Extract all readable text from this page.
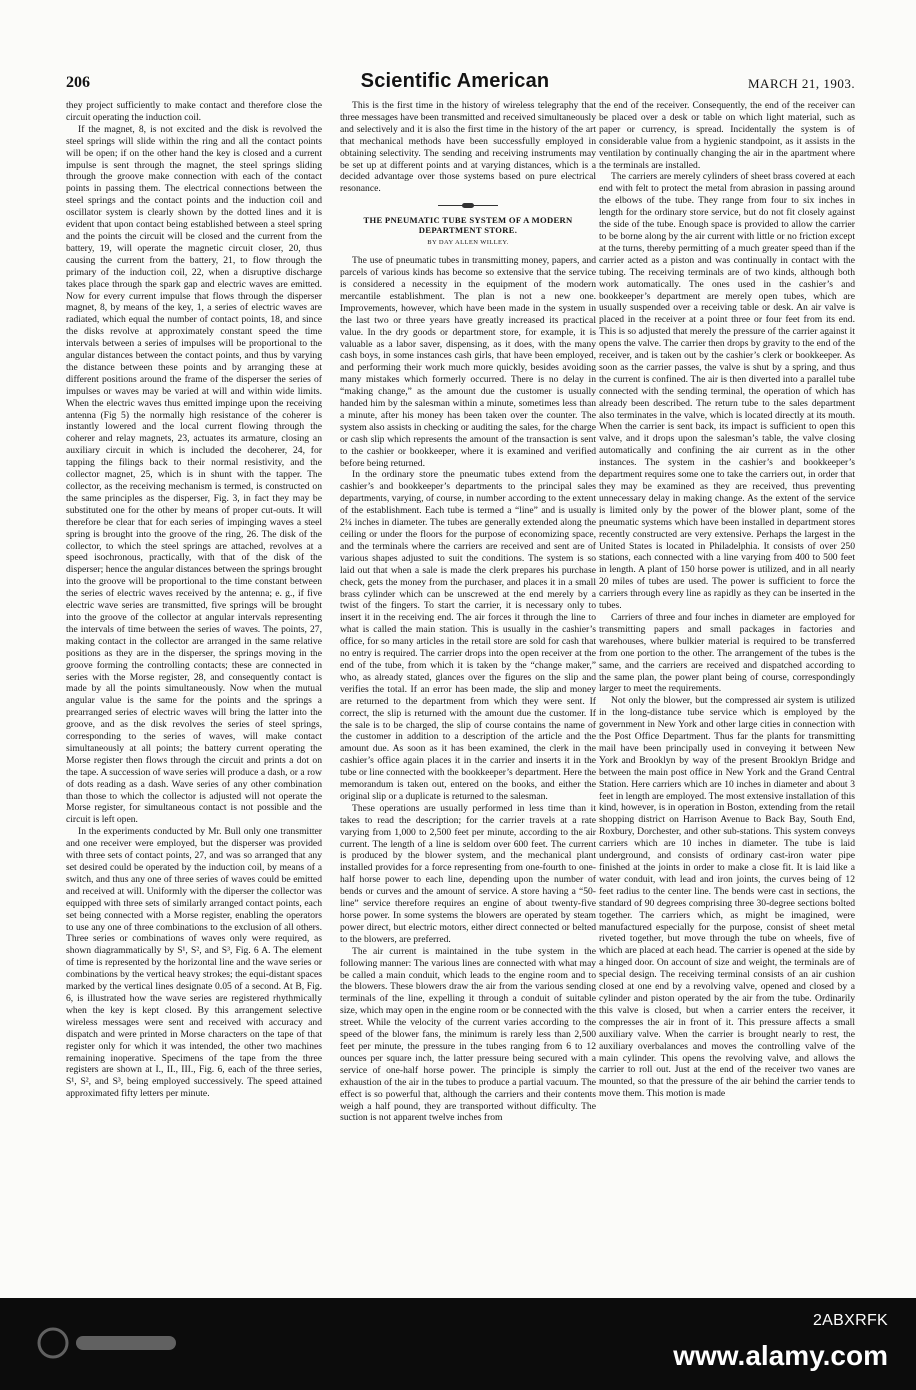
206	Scientific American	MARCH 21, 1903.

they project sufficiently to make contact and therefore close the circuit operating the induction coil.

If the magnet, 8, is not excited and the disk is revolved the steel springs will slide within the ring and all the contact points will be open; if on the other hand the key is closed and a current impulse is sent through the magnet, the steel springs sliding through the groove make connection with each of the contact points in passing them. The electrical connections between the steel springs and the contact points and the induction coil and oscillator system is clearly shown by the dotted lines and it is evident that upon contact being established between a steel spring and the points the circuit will be closed and the current from the battery, 19, will operate the magnetic circuit closer, 20, thus causing the current from the battery, 21, to flow through the primary of the induction coil, 22, when a disruptive discharge takes place through the spark gap and electric waves are emitted. Now for every current impulse that flows through the disperser magnet, 8, by means of the key, 1, a series of electric waves are radiated, which equal the number of contact points, 18, and since the disks revolve at approximately constant speed the time intervals between a series of impulses will be proportional to the angular distances between the contact points, and thus by varying the distance between these points and by arranging these at different positions around the frame of the disperser the series of impulses or waves may be varied at will and within wide limits. When the electric waves thus emitted impinge upon the receiving antenna (Fig 5) the normally high resistance of the coherer is instantly lowered and the local current flowing through the coherer and relay magnets, 23, actuates its armature, closing an auxiliary circuit in which is included the decoherer, 24, for tapping the filings back to their normal resistivity, and the collector magnet, 25, which is in shunt with the tapper. The collector, as the receiving mechanism is termed, is constructed on the same principles as the disperser, Fig. 3, in fact they may be substituted one for the other by means of proper cut-outs. It will therefore be clear that for each series of impinging waves a steel spring is brought into the groove of the ring, 26. The disk of the collector, to which the steel springs are attached, revolves at a speed isochronous, practically, with that of the disk of the disperser; hence the angular distances between the springs brought into the groove will be proportional to the time constant between the series of electric waves received by the antenna; e. g., if five electric wave series are transmitted, five springs will be brought into the groove of the collector at angular intervals representing the intervals of time between the series of waves. The points, 27, making contact in the collector are arranged in the same relative positions as they are in the disperser, the springs moving in the groove forming the controlling contacts; these are connected in series with the Morse register, 28, and consequently contact is made by all the points simultaneously. Now when the mutual angular value is the same for the points and the springs a prearranged series of electric waves will bring the latter into the groove, and as the disk revolves the series of steel springs, corresponding to the series of waves, will make contact simultaneously at all points; the battery current operating the Morse register then flows through the circuit and prints a dot on the tape. A succession of wave series will produce a dash, or a row of dots reading as a dash. Wave series of any other combination than those to which the collector is adjusted will not operate the Morse register, for simultaneous contact is not possible and the circuit is left open.

In the experiments conducted by Mr. Bull only one transmitter and one receiver were employed, but the disperser was provided with three sets of contact points, 27, and was so arranged that any set desired could be operated by the induction coil, by means of a switch, and thus any one of three series of waves could be emitted and received at will. Uniformly with the diperser the collector was equipped with three sets of similarly arranged contact points, each set being connected with a Morse register, enabling the operators to use any one of three combinations to the exclusion of all others. Three series or combinations of waves only were required, as shown diagrammatically by S¹, S², and S³, Fig. 6 A. The element of time is represented by the horizontal line and the wave series or combinations by the vertical heavy strokes; the equi-distant spaces marked by the vertical lines designate 0.05 of a second. At B, Fig. 6, is illustrated how the wave series are registered rhythmically when the key is kept closed. By this arrangement selective wireless messages were sent and received with accuracy and dispatch and were printed in Morse characters on the tape of that register only for which it was intended, the other two machines remaining inoperative. Specimens of the tape from the three registers are shown at I., II., III., Fig. 6, each of the three series, S¹, S², and S³, being employed successively. The speed attained approximated fifty letters per minute.

This is the first time in the history of wireless telegraphy that three messages have been transmitted and received simultaneously and selectively and it is also the first time in the history of the art that mechanical methods have been successfully employed in obtaining selectivity. The sending and receiving instruments may be set up at different points and at varying distances, which is a decided advantage over those systems based on pure electrical resonance.

THE PNEUMATIC TUBE SYSTEM OF A MODERN DEPARTMENT STORE.
BY DAY ALLEN WILLEY.

The use of pneumatic tubes in transmitting money, papers, and parcels of various kinds has become so extensive that the service is considered a necessity in the equipment of the modern mercantile establishment. The plan is not a new one. Improvements, however, which have been made in the system in the last two or three years have greatly increased its practical value. In the dry goods or department store, for example, it is valuable as a labor saver, dispensing, as it does, with the many cash boys, in some instances cash girls, that have been employed, and performing their work much more quickly, besides avoiding many mistakes which formerly occurred. There is no delay in “making change,” as the amount due the customer is usually handed him by the salesman within a minute, sometimes less than a minute, after his money has been taken over the counter. The system also assists in checking or auditing the sales, for the charge or cash slip which represents the amount of the transaction is sent to the cashier or bookkeeper, where it is examined and verified before being returned.

In the ordinary store the pneumatic tubes extend from the cashier’s and bookkeeper’s departments to the principal sales departments, varying, of course, in number according to the extent of the establishment. Each tube is termed a “line” and is usually 2¼ inches in diameter. The tubes are generally extended along the ceiling or under the floors for the purpose of economizing space, and the terminals where the carriers are received and sent are of various shapes adjusted to suit the conditions. The system is so laid out that when a sale is made the clerk prepares his purchase check, gets the money from the purchaser, and places it in a small brass cylinder which can be unscrewed at the end merely by a twist of the fingers. To start the carrier, it is necessary only to insert it in the receiving end. The air forces it through the line to what is called the main station. This is usually in the cashier’s office, for so many articles in the retail store are sold for cash that no entry is required. The carrier drops into the open receiver at the end of the tube, from which it is taken by the “change maker,” who, as already stated, glances over the figures on the slip and verifies the total. If an error has been made, the slip and money are returned to the department from which they were sent. If correct, the slip is returned with the amount due the customer. If the sale is to be charged, the slip of course contains the name of the customer in addition to a description of the article and the amount due. As soon as it has been examined, the clerk in the cashier’s office again places it in the carrier and inserts it in the tube or line connected with the bookkeeper’s department. Here the memorandum is taken out, entered on the books, and either the original slip or a duplicate is returned to the salesman.

These operations are usually performed in less time than it takes to read the description; for the carrier travels at a rate varying from 1,000 to 2,500 feet per minute, according to the air current. The length of a line is seldom over 600 feet. The current is produced by the blower system, and the mechanical plant installed provides for a force representing from one-fourth to one-half horse power to each line, depending upon the number of bends or curves and the amount of service. A store having a “50-line” service therefore requires an engine of about twenty-five horse power. In some systems the blowers are operated by steam power direct, but electric motors, either direct connected or belted to the blowers, are preferred.

The air current is maintained in the tube system in the following manner: The various lines are connected with what may be called a main conduit, which leads to the engine room and to the blowers. These blowers draw the air from the various sending terminals of the line, expelling it through a conduit of suitable size, which may open in the engine room or be connected with the street. While the velocity of the current varies according to the speed of the blower fans, the minimum is rarely less than 2,500 feet per minute, the pressure in the tubes ranging from 6 to 12 ounces per square inch, the latter pressure being secured with a service of one-half horse power. The principle is simply the exhaustion of the air in the tubes to produce a partial vacuum. The effect is so powerful that, although the carriers and their contents weigh a half pound, they are transported without difficulty. The suction is not apparent twelve inches from

the end of the receiver. Consequently, the end of the receiver can be placed over a desk or table on which light material, such as paper or currency, is spread. Incidentally the system is of considerable value from a hygienic standpoint, as it assists in the ventilation by continually changing the air in the apartment where the terminals are installed.

The carriers are merely cylinders of sheet brass covered at each end with felt to protect the metal from abrasion in passing around the elbows of the tube. They range from four to six inches in length for the ordinary store service, but do not fit closely against the side of the tube. Enough space is provided to allow the carrier to be borne along by the air current with little or no friction except at the turns, thereby permitting of a much greater speed than if the carrier acted as a piston and was continually in contact with the tubing. The receiving terminals are of two kinds, although both work automatically. The ones used in the cashier’s and bookkeeper’s department are merely open tubes, which are usually suspended over a receiving table or desk. An air valve is placed in the receiver at a point three or four feet from its end. This is so adjusted that merely the pressure of the carrier against it opens the valve. The carrier then drops by gravity to the end of the receiver, and is taken out by the cashier’s clerk or bookkeeper. As soon as the carrier passes, the valve is shut by a spring, and thus the current is confined. The air is then diverted into a parallel tube connected with the sending terminal, the operation of which has already been described. The return tube to the sales department also terminates in the valve, which is located directly at its mouth. When the carrier is sent back, its impact is sufficient to open this valve, and it drops upon the salesman’s table, the valve closing automatically and confining the air current as in the other instances. The system in the cashier’s and bookkeeper’s department requires some one to take the carriers out, in order that they may be examined as they are received, thus preventing unnecessary delay in making change. As the extent of the service is limited only by the power of the blower plant, some of the pneumatic systems which have been installed in department stores recently constructed are very extensive. Perhaps the largest in the United States is located in Philadelphia. It consists of over 250 stations, each connected with a line varying from 400 to 500 feet in length. A plant of 150 horse power is utilized, and in all nearly 20 miles of tubes are used. The power is sufficient to force the carriers through every line as rapidly as they can be inserted in the tubes.

Carriers of three and four inches in diameter are employed for transmitting papers and small packages in factories and warehouses, where bulkier material is required to be transferred from one portion to the other. The arrangement of the tubes is the same, and the carriers are received and dispatched according to the same plan, the power plant being of course, correspondingly larger to meet the requirements.

Not only the blower, but the compressed air system is utilized in the long-distance tube service which is employed by the government in New York and other large cities in connection with the Post Office Department. Thus far the plants for transmitting mail have been principally used in conveying it between New York and Brooklyn by way of the present Brooklyn Bridge and between the main post office in New York and the Grand Central Station. Here carriers which are 10 inches in diameter and about 3 feet in length are employed. The most extensive installation of this kind, however, is in operation in Boston, extending from the retail shopping district on Harrison Avenue to Back Bay, South End, Roxbury, Dorchester, and other sub-stations. This system conveys carriers which are 10 inches in diameter. The tube is laid underground, and consists of ordinary cast-iron water pipe finished at the joints in order to make a close fit. It is laid like a water conduit, with lead and iron joints, the curves being of 12 feet radius to the center line. The bends were cast in sections, the standard of 90 degrees comprising three 30-degree sections bolted together. The carriers which, as might be imagined, were manufactured especially for the purpose, consist of sheet metal riveted together, but move through the tube on wheels, five of which are placed at each head. The carrier is opened at the side by a hinged door. On account of size and weight, the terminals are of special design. The receiving terminal consists of an air cushion closed at one end by a revolving valve, opened and closed by a cylinder and piston operated by the air from the tube. Ordinarily this valve is closed, but when a carrier enters the receiver, it compresses the air in front of it. This pressure affects a small auxiliary valve. When the carrier is brought nearly to rest, the auxiliary overbalances and moves the controlling valve of the main cylinder. This opens the revolving valve, and allows the carrier to roll out. Just at the end of the receiver two vanes are mounted, so that the pressure of the air behind the carrier tends to move them. This motion is made

2ABXRFK
www.alamy.com
